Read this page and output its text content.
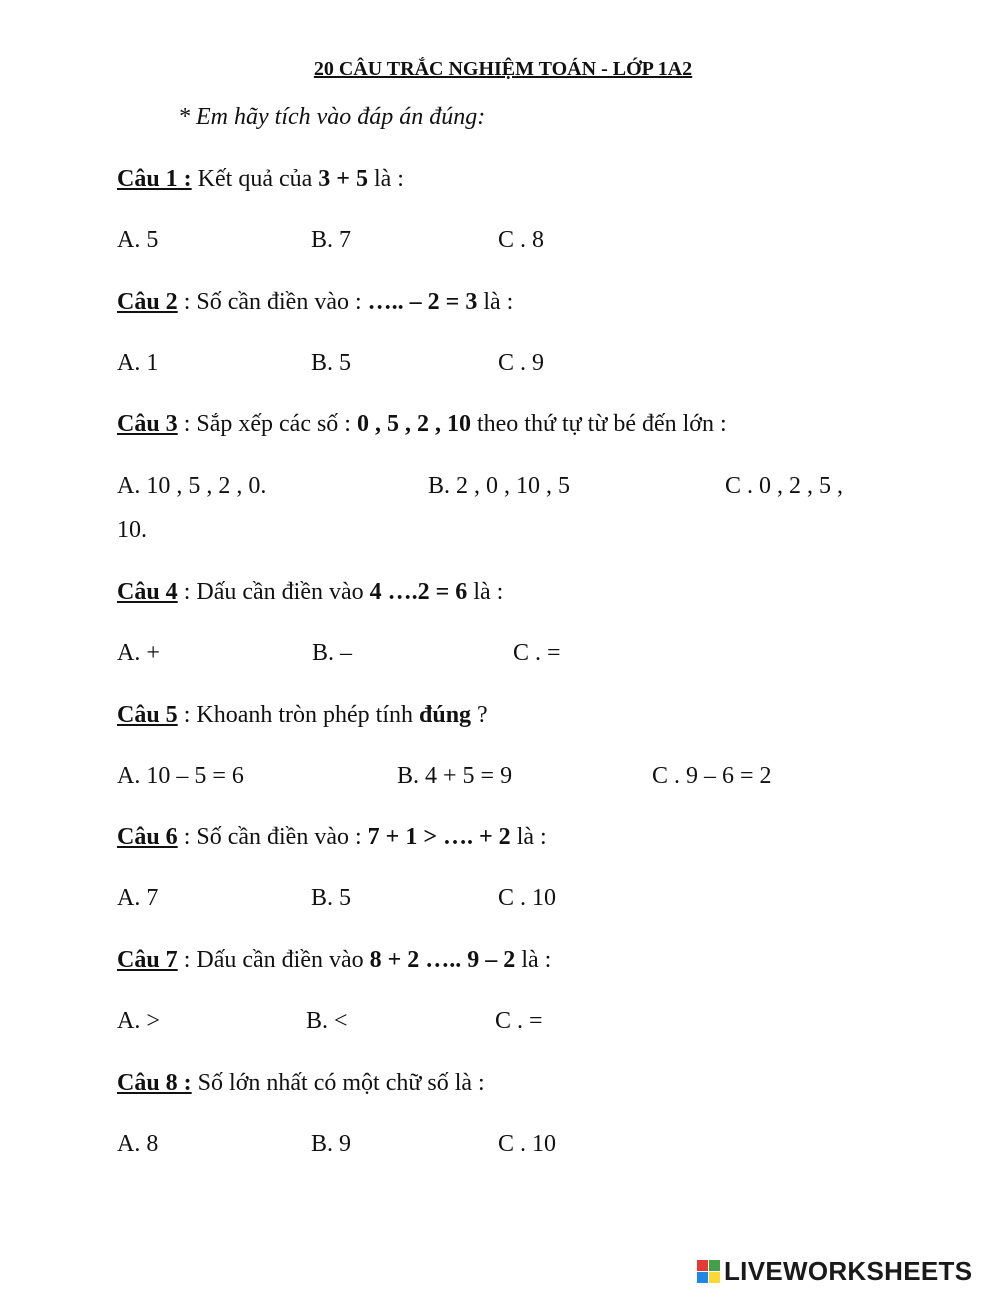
20 CÂU TRẮC NGHIỆM TOÁN - LỚP 1A2
* Em hãy tích vào đáp án đúng:
Câu 1 : Kết quả của 3 + 5 là :
A. 5	B. 7	C . 8
Câu 2 : Số cần điền vào : ….. – 2 = 3 là :
A. 1	B. 5	C . 9
Câu 3 : Sắp xếp các số : 0 , 5 , 2 , 10 theo thứ tự từ bé đến lớn :
A. 10 , 5 , 2 , 0.	B. 2 , 0 , 10 , 5	C . 0 , 2 , 5 ,
10.
Câu 4 : Dấu cần điền vào 4 ….2 = 6 là :
A. +	B. –	C . =
Câu 5 : Khoanh tròn phép tính đúng ?
A. 10 – 5 = 6	B. 4 + 5 = 9	C . 9 – 6 = 2
Câu 6 : Số cần điền vào : 7 + 1 > …. + 2 là :
A. 7	B. 5	C . 10
Câu 7 : Dấu cần điền vào 8 + 2 ….. 9 – 2 là :
A. >	B. <	C . =
Câu 8 : Số lớn nhất có một chữ số là :
A. 8	B. 9	C . 10
LIVEWORKSHEETS
